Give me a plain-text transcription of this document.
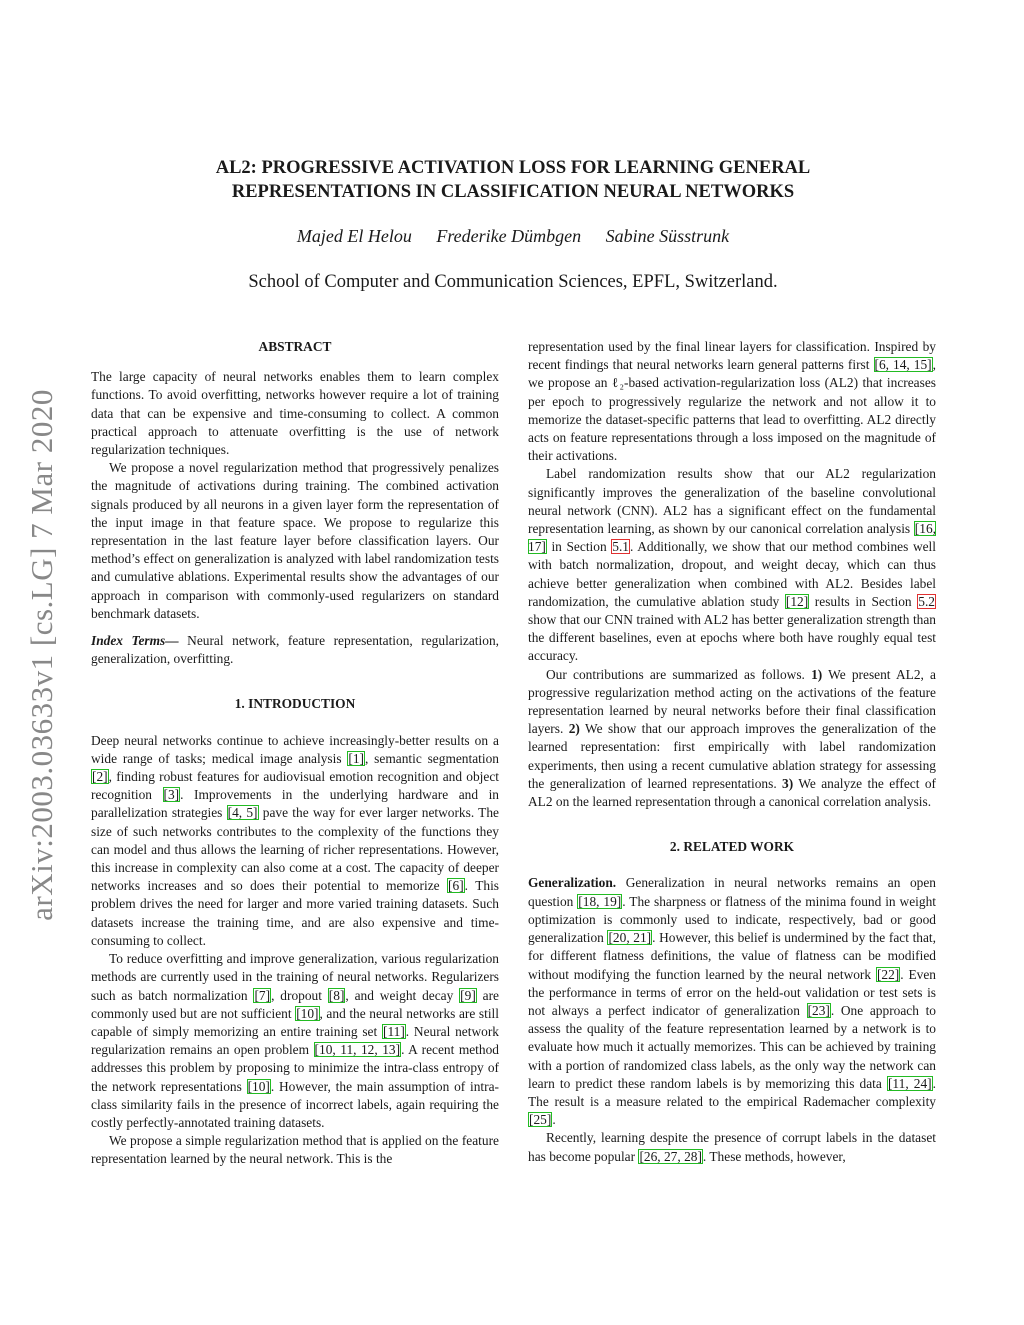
arXiv:2003.03633v1 [cs.LG] 7 Mar 2020
AL2: PROGRESSIVE ACTIVATION LOSS FOR LEARNING GENERAL
REPRESENTATIONS IN CLASSIFICATION NEURAL NETWORKS
Majed El Helou Frederike Dümbgen Sabine Süsstrunk
School of Computer and Communication Sciences, EPFL, Switzerland.
ABSTRACT

The large capacity of neural networks enables them to learn complex functions. To avoid overfitting, networks however require a lot of training data that can be expensive and time-consuming to collect. A common practical approach to attenuate overfitting is the use of network regularization techniques.

We propose a novel regularization method that progressively penalizes the magnitude of activations during training. The combined activation signals produced by all neurons in a given layer form the representation of the input image in that feature space. We propose to regularize this representation in the last feature layer before classification layers. Our method’s effect on generalization is analyzed with label randomization tests and cumulative ablations. Experimental results show the advantages of our approach in comparison with commonly-used regularizers on standard benchmark datasets.

Index Terms— Neural network, feature representation, regularization, generalization, overfitting.

1. INTRODUCTION

Deep neural networks continue to achieve increasingly-better results on a wide range of tasks; medical image analysis [1], semantic segmentation [2], finding robust features for audiovisual emotion recognition and object recognition [3]. Improvements in the underlying hardware and in parallelization strategies [4, 5] pave the way for ever larger networks. The size of such networks contributes to the complexity of the functions they can model and thus allows the learning of richer representations. However, this increase in complexity can also come at a cost. The capacity of deeper networks increases and so does their potential to memorize [6]. This problem drives the need for larger and more varied training datasets. Such datasets increase the training time, and are also expensive and time-consuming to collect.

To reduce overfitting and improve generalization, various regularization methods are currently used in the training of neural networks. Regularizers such as batch normalization [7], dropout [8], and weight decay [9] are commonly used but are not sufficient [10], and the neural networks are still capable of simply memorizing an entire training set [11]. Neural network regularization remains an open problem [10, 11, 12, 13]. A recent method addresses this problem by proposing to minimize the intra-class entropy of the network representations [10]. However, the main assumption of intra-class similarity fails in the presence of incorrect labels, again requiring the costly perfectly-annotated training datasets.

We propose a simple regularization method that is applied on the feature representation learned by the neural network. This is the

representation used by the final linear layers for classification. Inspired by recent findings that neural networks learn general patterns first [6, 14, 15], we propose an ℓ₂-based activation-regularization loss (AL2) that increases per epoch to progressively regularize the network and not allow it to memorize the dataset-specific patterns that lead to overfitting. AL2 directly acts on feature representations through a loss imposed on the magnitude of their activations.

Label randomization results show that our AL2 regularization significantly improves the generalization of the baseline convolutional neural network (CNN). AL2 has a significant effect on the fundamental representation learning, as shown by our canonical correlation analysis [16, 17] in Section 5.1. Additionally, we show that our method combines well with batch normalization, dropout, and weight decay, which can thus achieve better generalization when combined with AL2. Besides label randomization, the cumulative ablation study [12] results in Section 5.2 show that our CNN trained with AL2 has better generalization strength than the different baselines, even at epochs where both have roughly equal test accuracy.

Our contributions are summarized as follows. 1) We present AL2, a progressive regularization method acting on the activations of the feature representation learned by neural networks before their final classification layers. 2) We show that our approach improves the generalization of the learned representation: first empirically with label randomization experiments, then using a recent cumulative ablation strategy for assessing the generalization of learned representations. 3) We analyze the effect of AL2 on the learned representation through a canonical correlation analysis.

2. RELATED WORK

Generalization. Generalization in neural networks remains an open question [18, 19]. The sharpness or flatness of the minima found in weight optimization is commonly used to indicate, respectively, bad or good generalization [20, 21]. However, this belief is undermined by the fact that, for different flatness definitions, the value of flatness can be modified without modifying the function learned by the neural network [22]. Even the performance in terms of error on the held-out validation or test sets is not always a perfect indicator of generalization [23]. One approach to assess the quality of the feature representation learned by a network is to evaluate how much it actually memorizes. This can be achieved by training with a portion of randomized class labels, as the only way the network can learn to predict these random labels is by memorizing this data [11, 24]. The result is a measure related to the empirical Rademacher complexity [25].

Recently, learning despite the presence of corrupt labels in the dataset has become popular [26, 27, 28]. These methods, however,
